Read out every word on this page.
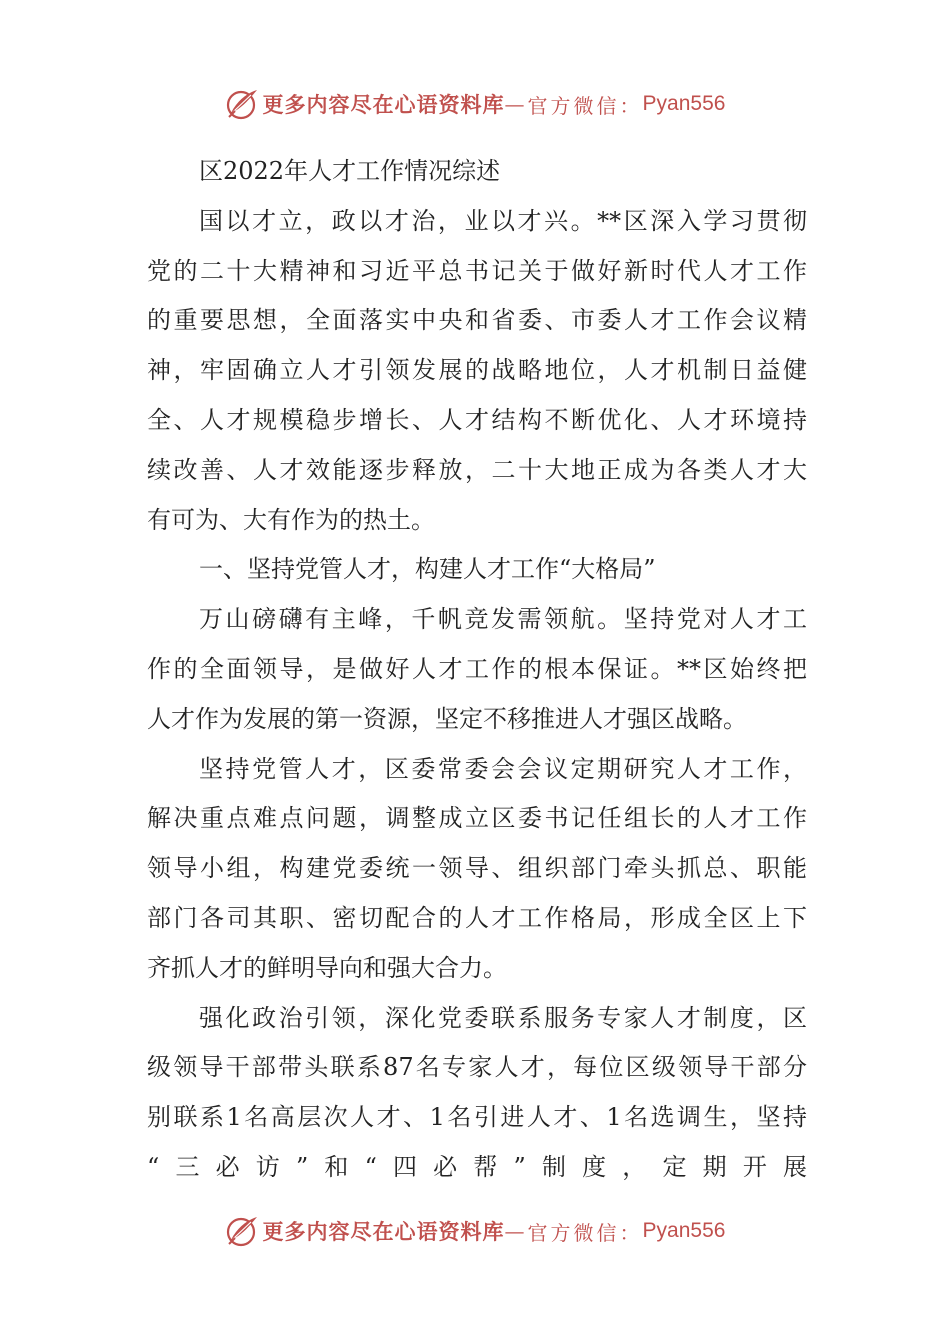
更多内容尽在心语资料库 — 官方微信： Pyan556
区2022年人才工作情况综述
国以才立，政以才治，业以才兴。**区深入学习贯彻
党的二十大精神和习近平总书记关于做好新时代人才工作
的重要思想，全面落实中央和省委、市委人才工作会议精
神，牢固确立人才引领发展的战略地位，人才机制日益健
全、人才规模稳步增长、人才结构不断优化、人才环境持
续改善、人才效能逐步释放，二十大地正成为各类人才大
有可为、大有作为的热土。
一、坚持党管人才，构建人才工作“大格局”
万山磅礴有主峰，千帆竞发需领航。坚持党对人才工
作的全面领导，是做好人才工作的根本保证。**区始终把
人才作为发展的第一资源，坚定不移推进人才强区战略。
坚持党管人才，区委常委会会议定期研究人才工作，
解决重点难点问题，调整成立区委书记任组长的人才工作
领导小组，构建党委统一领导、组织部门牵头抓总、职能
部门各司其职、密切配合的人才工作格局，形成全区上下
齐抓人才的鲜明导向和强大合力。
强化政治引领，深化党委联系服务专家人才制度，区
级领导干部带头联系87名专家人才，每位区级领导干部分
别联系1名高层次人才、1名引进人才、1名选调生，坚持
“三必访”和“四必帮”制度，定期开展
更多内容尽在心语资料库 — 官方微信： Pyan556
